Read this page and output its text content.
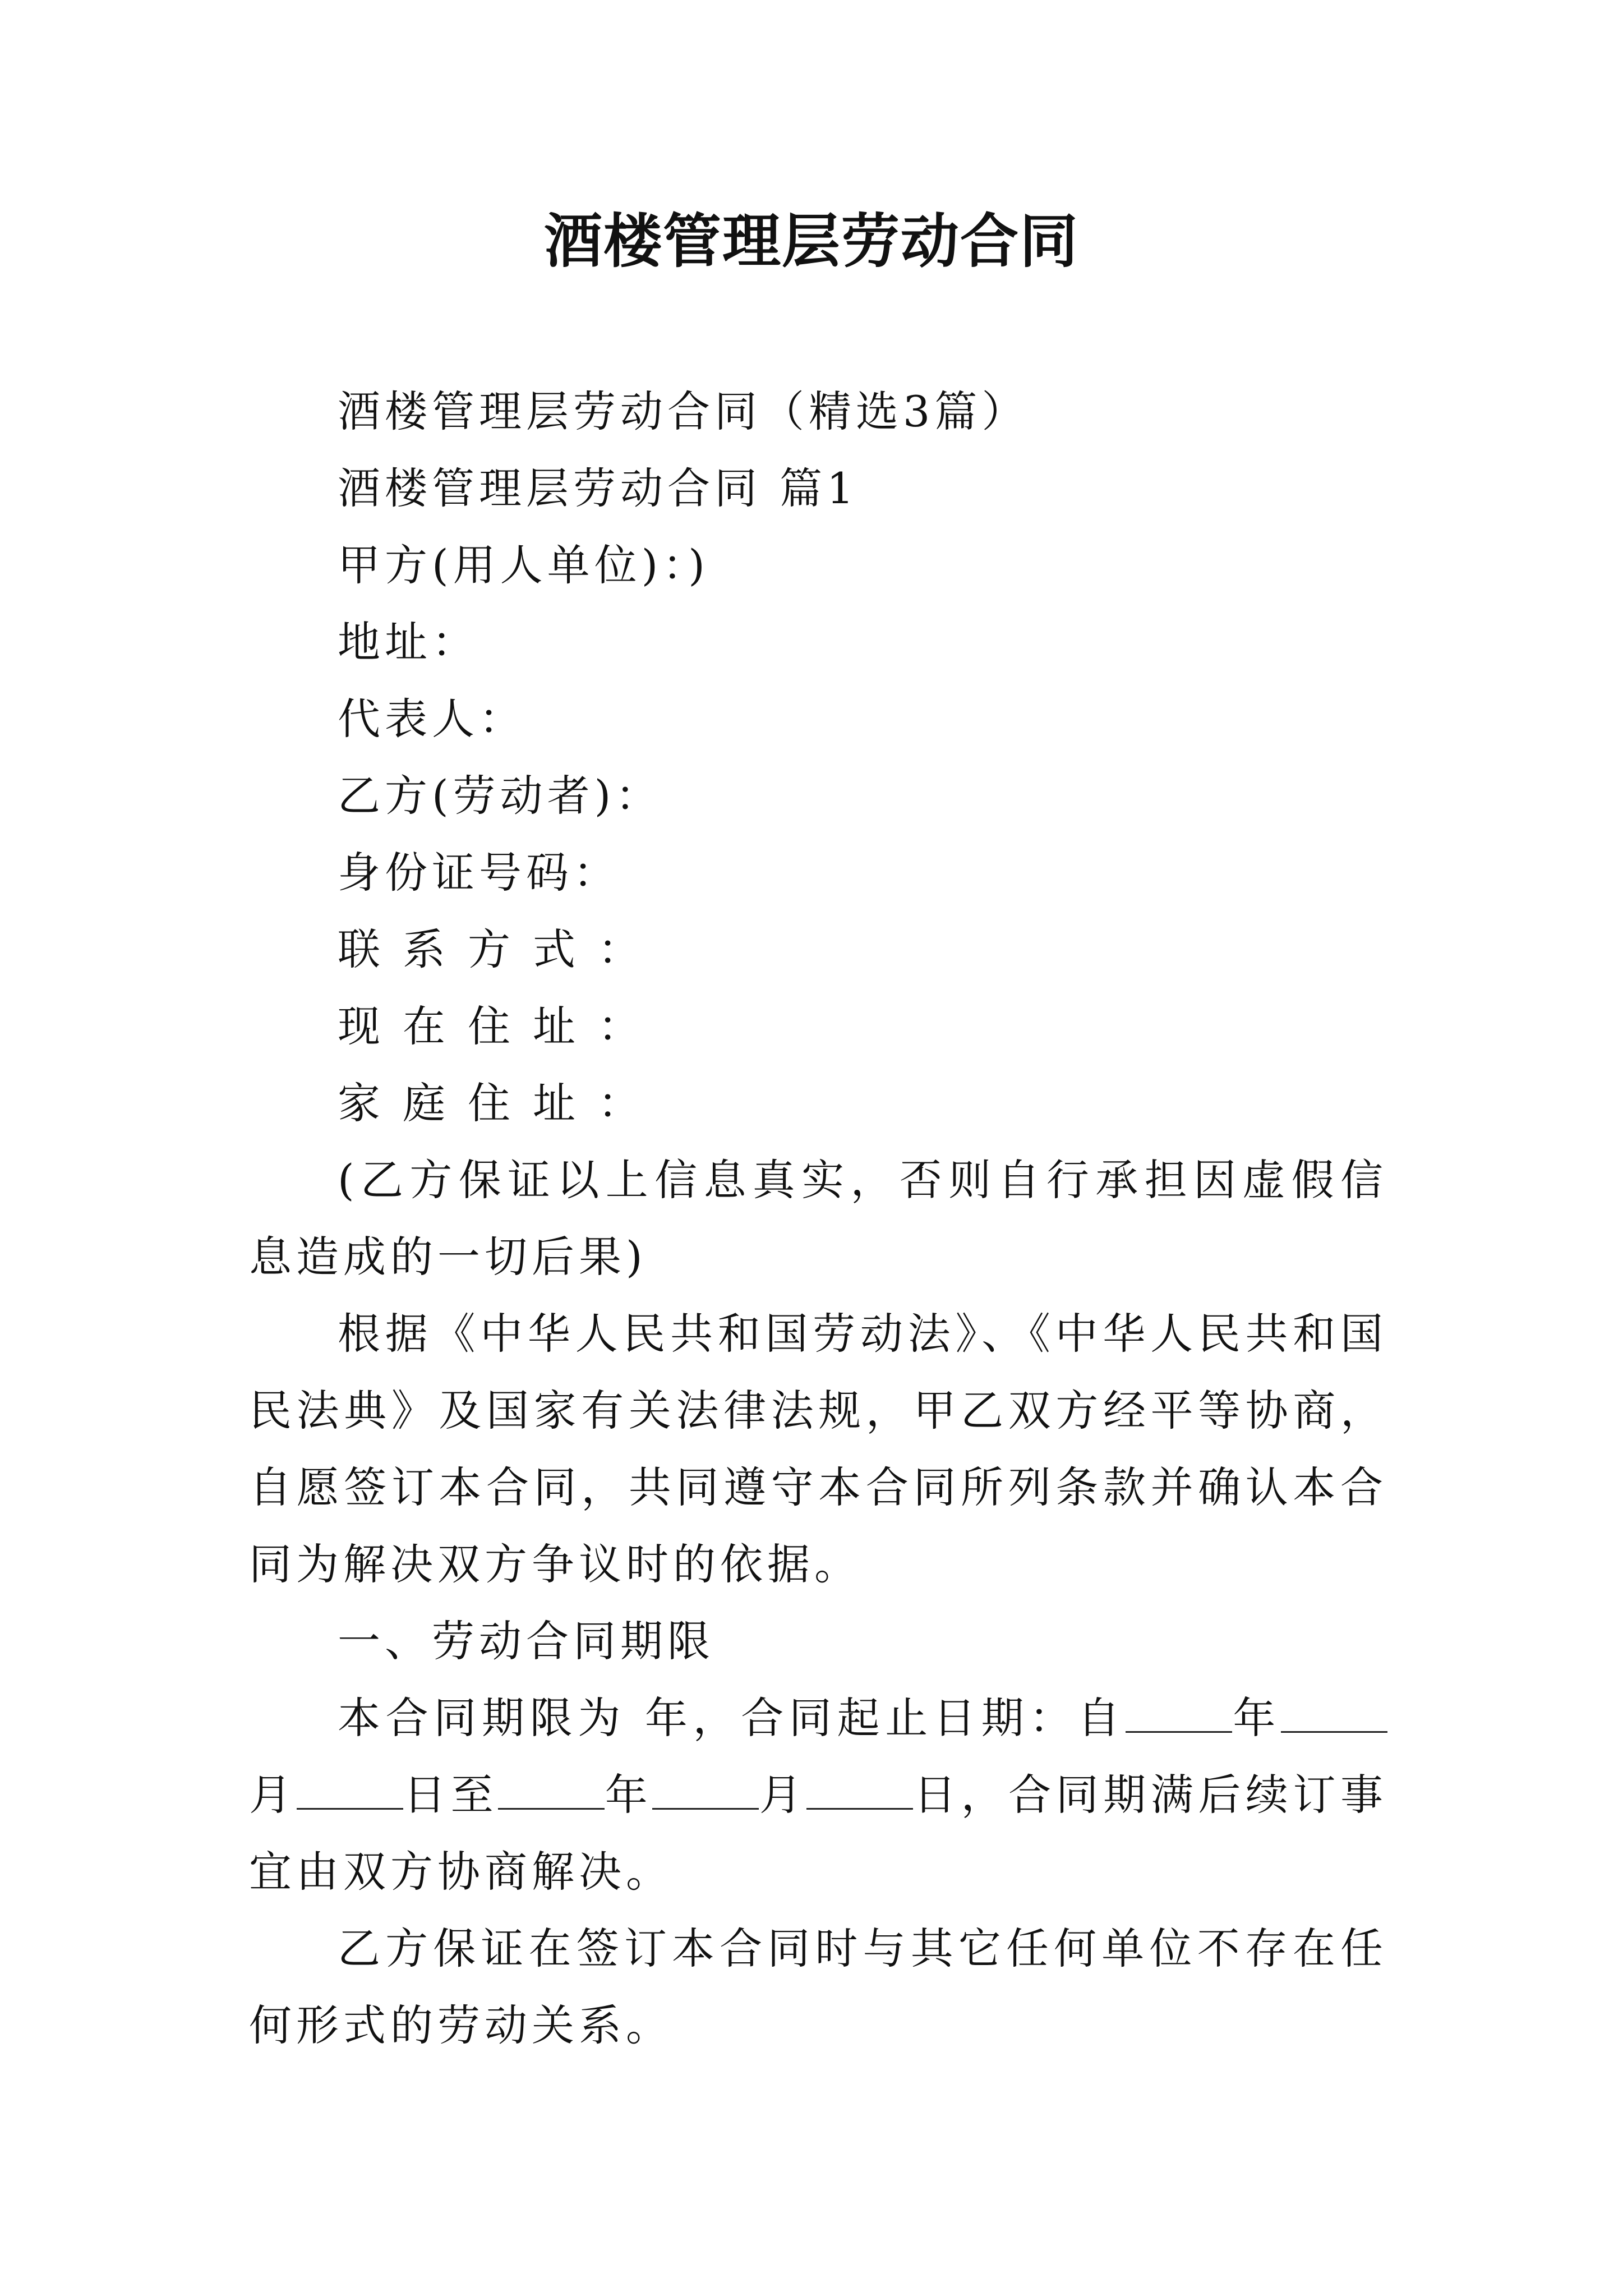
酒楼管理层劳动合同

酒楼管理层劳动合同（精选3篇）

酒楼管理层劳动合同 篇1

甲方(用人单位)：)

地址：

代表人：

乙方(劳动者)：

身份证号码：

联系方式：

现在住址：

家庭住址：

(乙方保证以上信息真实，否则自行承担因虚假信息造成的一切后果)

根据《中华人民共和国劳动法》、《中华人民共和国民法典》及国家有关法律法规，甲乙双方经平等协商，自愿签订本合同，共同遵守本合同所列条款并确认本合同为解决双方争议时的依据。

一、劳动合同期限

本合同期限为 年，合同起止日期：自	年月	日至	年	月	日，合同期满后续订事宜由双方协商解决。

乙方保证在签订本合同时与其它任何单位不存在任何形式的劳动关系。
